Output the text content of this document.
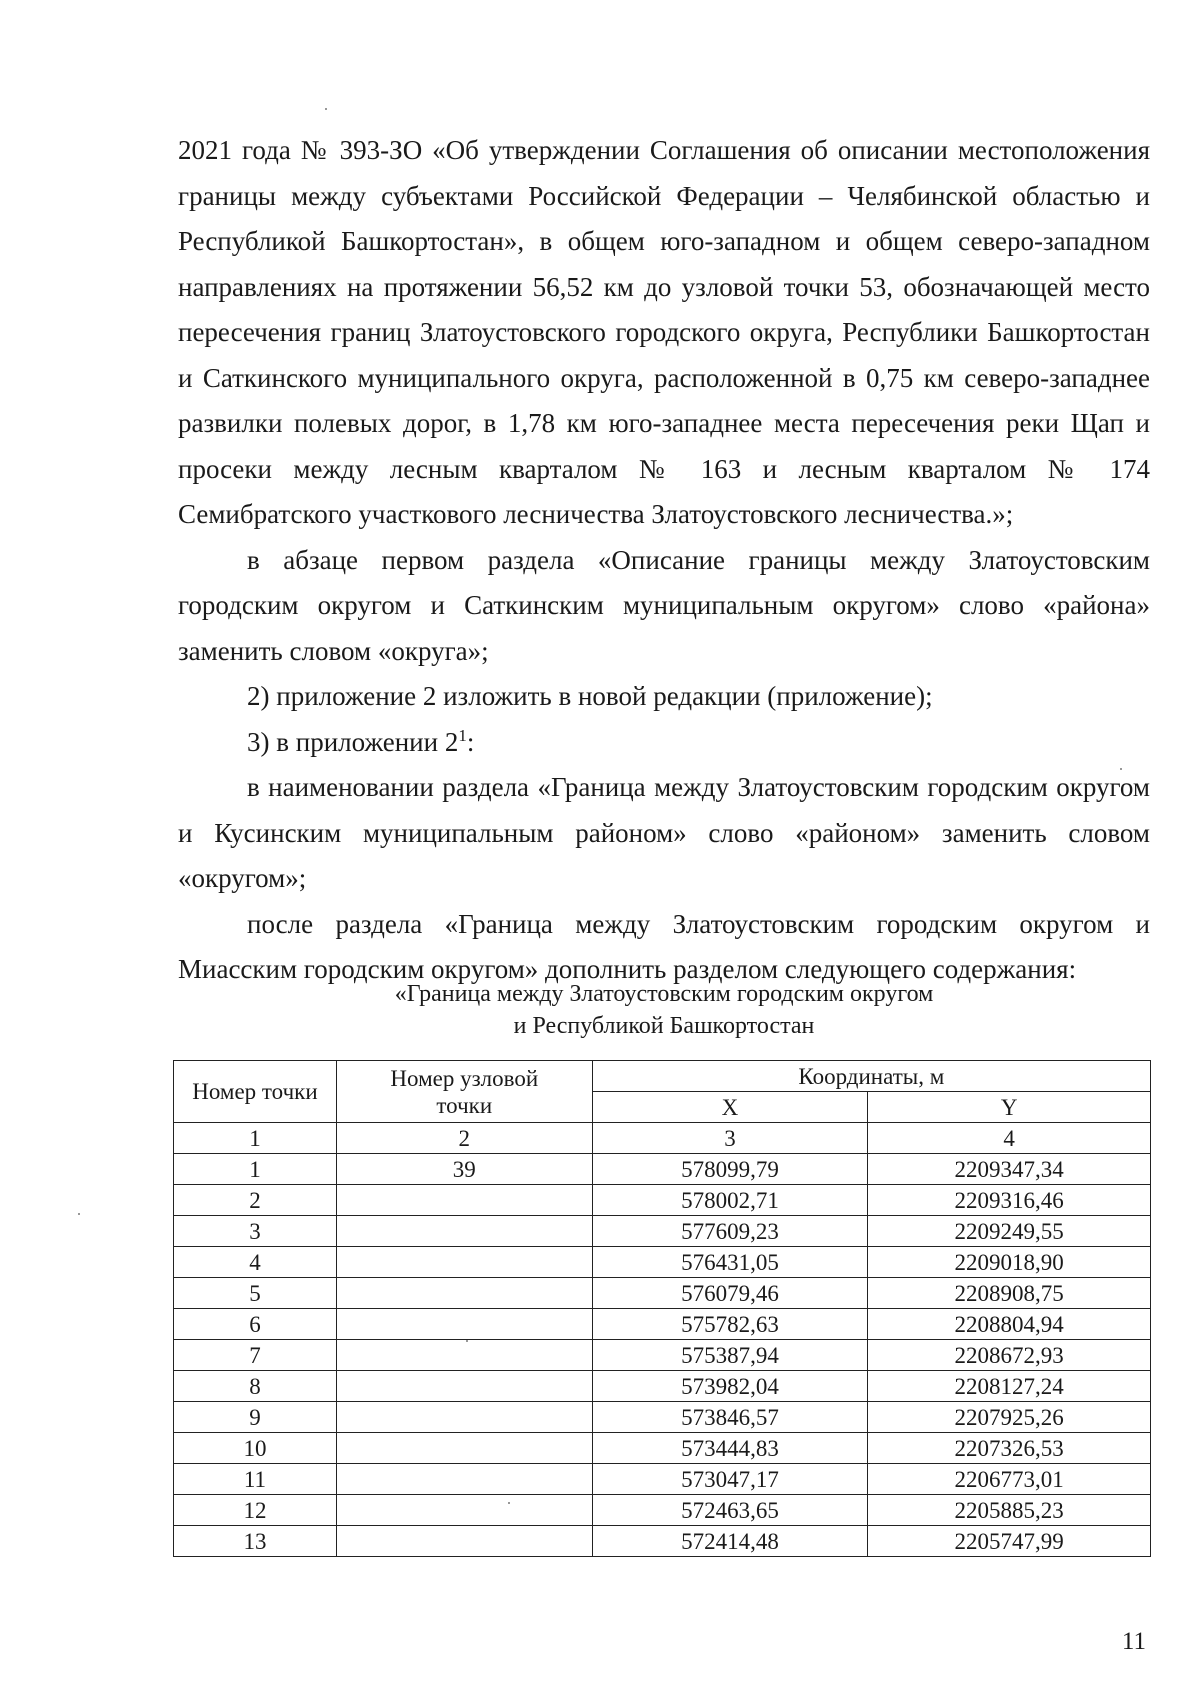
2021 года № 393-ЗО «Об утверждении Соглашения об описании местоположения границы между субъектами Российской Федерации – Челябинской областью и Республикой Башкортостан», в общем юго-западном и общем северо-западном направлениях на протяжении 56,52 км до узловой точки 53, обозначающей место пересечения границ Златоустовского городского округа, Республики Башкортостан и Саткинского муниципального округа, расположенной в 0,75 км северо-западнее развилки полевых дорог, в 1,78 км юго-западнее места пересечения реки Щап и просеки между лесным кварталом № 163 и лесным кварталом № 174 Семибратского участкового лесничества Златоустовского лесничества.»;

в абзаце первом раздела «Описание границы между Златоустовским городским округом и Саткинским муниципальным округом» слово «района» заменить словом «округа»;

2) приложение 2 изложить в новой редакции (приложение);

3) в приложении $2^1$:

в наименовании раздела «Граница между Златоустовским городским округом и Кусинским муниципальным районом» слово «районом» заменить словом «округом»;

после раздела «Граница между Златоустовским городским округом и Миасским городским округом» дополнить разделом следующего содержания:

«Граница между Златоустовским городским округом
и Республикой Башкортостан
Номер точки	Номер узловой точки	Координаты, м	
		X	Y
1	2	3	4
1	39	578099,79	2209347,34
2		578002,71	2209316,46
3		577609,23	2209249,55
4		576431,05	2209018,90
5		576079,46	2208908,75
6		575782,63	2208804,94
7		575387,94	2208672,93
8		573982,04	2208127,24
9		573846,57	2207925,26
10		573444,83	2207326,53
11		573047,17	2206773,01
12		572463,65	2205885,23
13		572414,48	2205747,99
11
